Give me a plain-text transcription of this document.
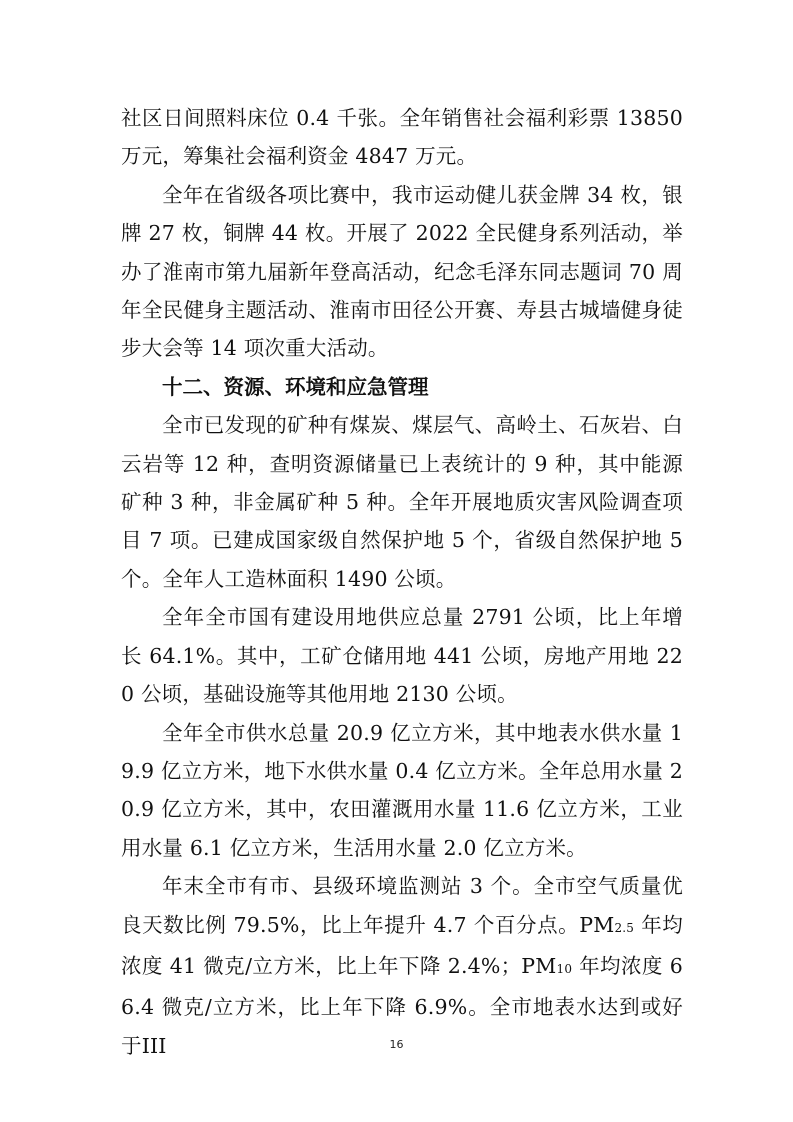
社区日间照料床位 0.4 千张。全年销售社会福利彩票 13850 万元，筹集社会福利资金 4847 万元。

全年在省级各项比赛中，我市运动健儿获金牌 34 枚，银牌 27 枚，铜牌 44 枚。开展了 2022 全民健身系列活动，举办了淮南市第九届新年登高活动，纪念毛泽东同志题词 70 周年全民健身主题活动、淮南市田径公开赛、寿县古城墙健身徒步大会等 14 项次重大活动。

十二、资源、环境和应急管理

全市已发现的矿种有煤炭、煤层气、高岭土、石灰岩、白云岩等 12 种，查明资源储量已上表统计的 9 种，其中能源矿种 3 种，非金属矿种 5 种。全年开展地质灾害风险调查项目 7 项。已建成国家级自然保护地 5 个，省级自然保护地 5 个。全年人工造林面积 1490 公顷。

全年全市国有建设用地供应总量 2791 公顷，比上年增长 64.1%。其中，工矿仓储用地 441 公顷，房地产用地 220 公顷，基础设施等其他用地 2130 公顷。

全年全市供水总量 20.9 亿立方米，其中地表水供水量 19.9 亿立方米，地下水供水量 0.4 亿立方米。全年总用水量 20.9 亿立方米，其中，农田灌溉用水量 11.6 亿立方米，工业用水量 6.1 亿立方米，生活用水量 2.0 亿立方米。

年末全市有市、县级环境监测站 3 个。全市空气质量优良天数比例 79.5%，比上年提升 4.7 个百分点。PM2.5 年均浓度 41 微克/立方米，比上年下降 2.4%；PM10 年均浓度 66.4 微克/立方米，比上年下降 6.9%。全市地表水达到或好于III	16
